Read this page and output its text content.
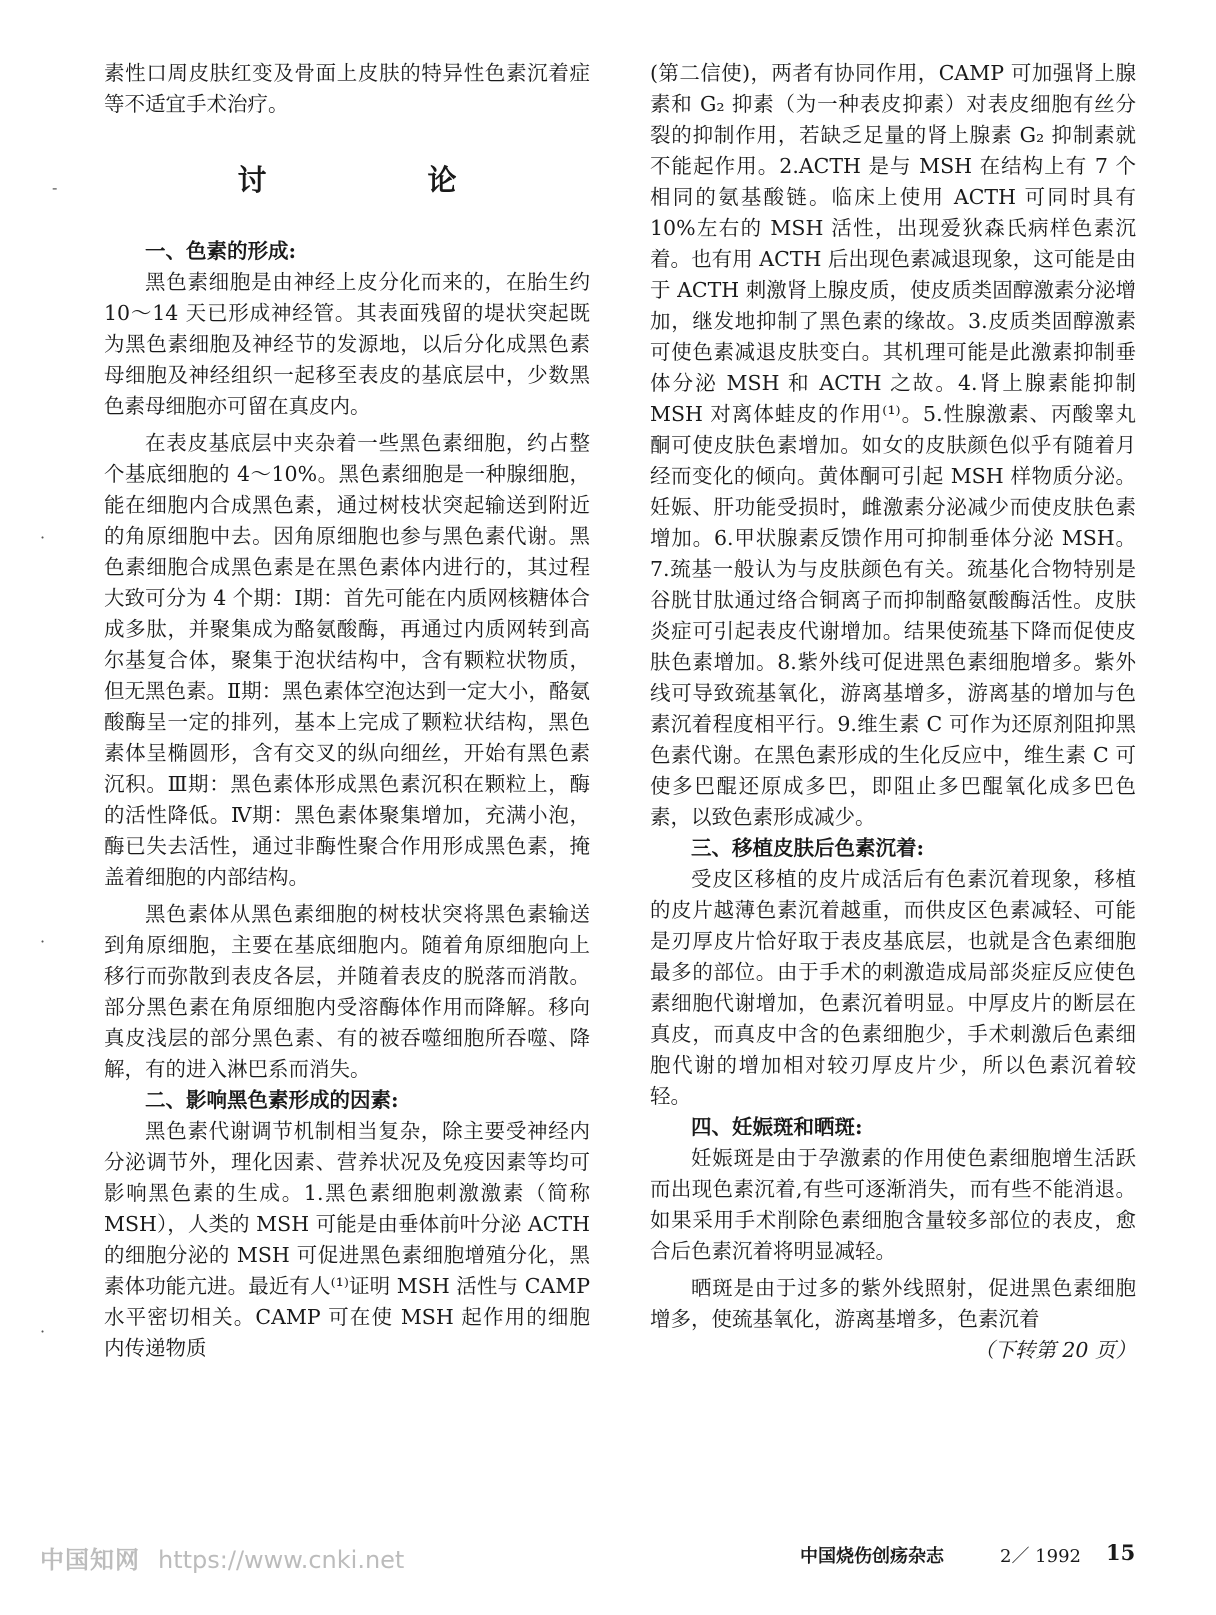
素性口周皮肤红变及骨面上皮肤的特异性色素沉着症等不适宜手术治疗。

讨 论
一、色素的形成:

黑色素细胞是由神经上皮分化而来的，在胎生约 10～14 天已形成神经管。其表面残留的堤状突起既为黑色素细胞及神经节的发源地，以后分化成黑色素母细胞及神经组织一起移至表皮的基底层中，少数黑色素母细胞亦可留在真皮内。

在表皮基底层中夹杂着一些黑色素细胞，约占整个基底细胞的 4～10%。黑色素细胞是一种腺细胞，能在细胞内合成黑色素，通过树枝状突起输送到附近的角原细胞中去。因角原细胞也参与黑色素代谢。黑色素细胞合成黑色素是在黑色素体内进行的，其过程大致可分为 4 个期：Ⅰ期：首先可能在内质网核糖体合成多肽，并聚集成为酪氨酸酶，再通过内质网转到高尔基复合体，聚集于泡状结构中，含有颗粒状物质，但无黑色素。Ⅱ期：黑色素体空泡达到一定大小，酪氨酸酶呈一定的排列，基本上完成了颗粒状结构，黑色素体呈椭圆形，含有交叉的纵向细丝，开始有黑色素沉积。Ⅲ期：黑色素体形成黑色素沉积在颗粒上，酶的活性降低。Ⅳ期：黑色素体聚集增加，充满小泡，酶已失去活性，通过非酶性聚合作用形成黑色素，掩盖着细胞的内部结构。

黑色素体从黑色素细胞的树枝状突将黑色素输送到角原细胞，主要在基底细胞内。随着角原细胞向上移行而弥散到表皮各层，并随着表皮的脱落而消散。部分黑色素在角原细胞内受溶酶体作用而降解。移向真皮浅层的部分黑色素、有的被吞噬细胞所吞噬、降解，有的进入淋巴系而消失。

二、影响黑色素形成的因素:

黑色素代谢调节机制相当复杂，除主要受神经内分泌调节外，理化因素、营养状况及免疫因素等均可影响黑色素的生成。1.黑色素细胞刺激激素（简称 MSH），人类的 MSH 可能是由垂体前叶分泌 ACTH 的细胞分泌的 MSH 可促进黑色素细胞增殖分化，黑素体功能亢进。最近有人⁽¹⁾证明 MSH 活性与 CAMP 水平密切相关。CAMP 可在使 MSH 起作用的细胞内传递物质

(第二信使)，两者有协同作用，CAMP 可加强肾上腺素和 G₂ 抑素（为一种表皮抑素）对表皮细胞有丝分裂的抑制作用，若缺乏足量的肾上腺素 G₂ 抑制素就不能起作用。2.ACTH 是与 MSH 在结构上有 7 个相同的氨基酸链。临床上使用 ACTH 可同时具有 10%左右的 MSH 活性，出现爱狄森氏病样色素沉着。也有用 ACTH 后出现色素减退现象，这可能是由于 ACTH 刺激肾上腺皮质，使皮质类固醇激素分泌增加，继发地抑制了黑色素的缘故。3.皮质类固醇激素可使色素减退皮肤变白。其机理可能是此激素抑制垂体分泌 MSH 和 ACTH 之故。4.肾上腺素能抑制 MSH 对离体蛙皮的作用⁽¹⁾。5.性腺激素、丙酸睾丸酮可使皮肤色素增加。如女的皮肤颜色似乎有随着月经而变化的倾向。黄体酮可引起 MSH 样物质分泌。妊娠、肝功能受损时，雌激素分泌减少而使皮肤色素增加。6.甲状腺素反馈作用可抑制垂体分泌 MSH。7.巯基一般认为与皮肤颜色有关。巯基化合物特别是谷胱甘肽通过络合铜离子而抑制酪氨酸酶活性。皮肤炎症可引起表皮代谢增加。结果使巯基下降而促使皮肤色素增加。8.紫外线可促进黑色素细胞增多。紫外线可导致巯基氧化，游离基增多，游离基的增加与色素沉着程度相平行。9.维生素 C 可作为还原剂阻抑黑色素代谢。在黑色素形成的生化反应中，维生素 C 可使多巴醌还原成多巴，即阻止多巴醌氧化成多巴色素，以致色素形成减少。

三、移植皮肤后色素沉着:

受皮区移植的皮片成活后有色素沉着现象，移植的皮片越薄色素沉着越重，而供皮区色素减轻、可能是刃厚皮片恰好取于表皮基底层，也就是含色素细胞最多的部位。由于手术的刺激造成局部炎症反应使色素细胞代谢增加，色素沉着明显。中厚皮片的断层在真皮，而真皮中含的色素细胞少，手术刺激后色素细胞代谢的增加相对较刃厚皮片少，所以色素沉着较轻。

四、妊娠斑和晒斑:

妊娠斑是由于孕激素的作用使色素细胞增生活跃而出现色素沉着,有些可逐渐消失，而有些不能消退。如果采用手术削除色素细胞含量较多部位的表皮，愈合后色素沉着将明显减轻。

晒斑是由于过多的紫外线照射，促进黑色素细胞增多，使巯基氧化，游离基增多，色素沉着

（下转第 20 页）

-
·
·
·
中国知网 https://www.cnki.net	中国烧伤创疡杂志	2／ 1992 15
